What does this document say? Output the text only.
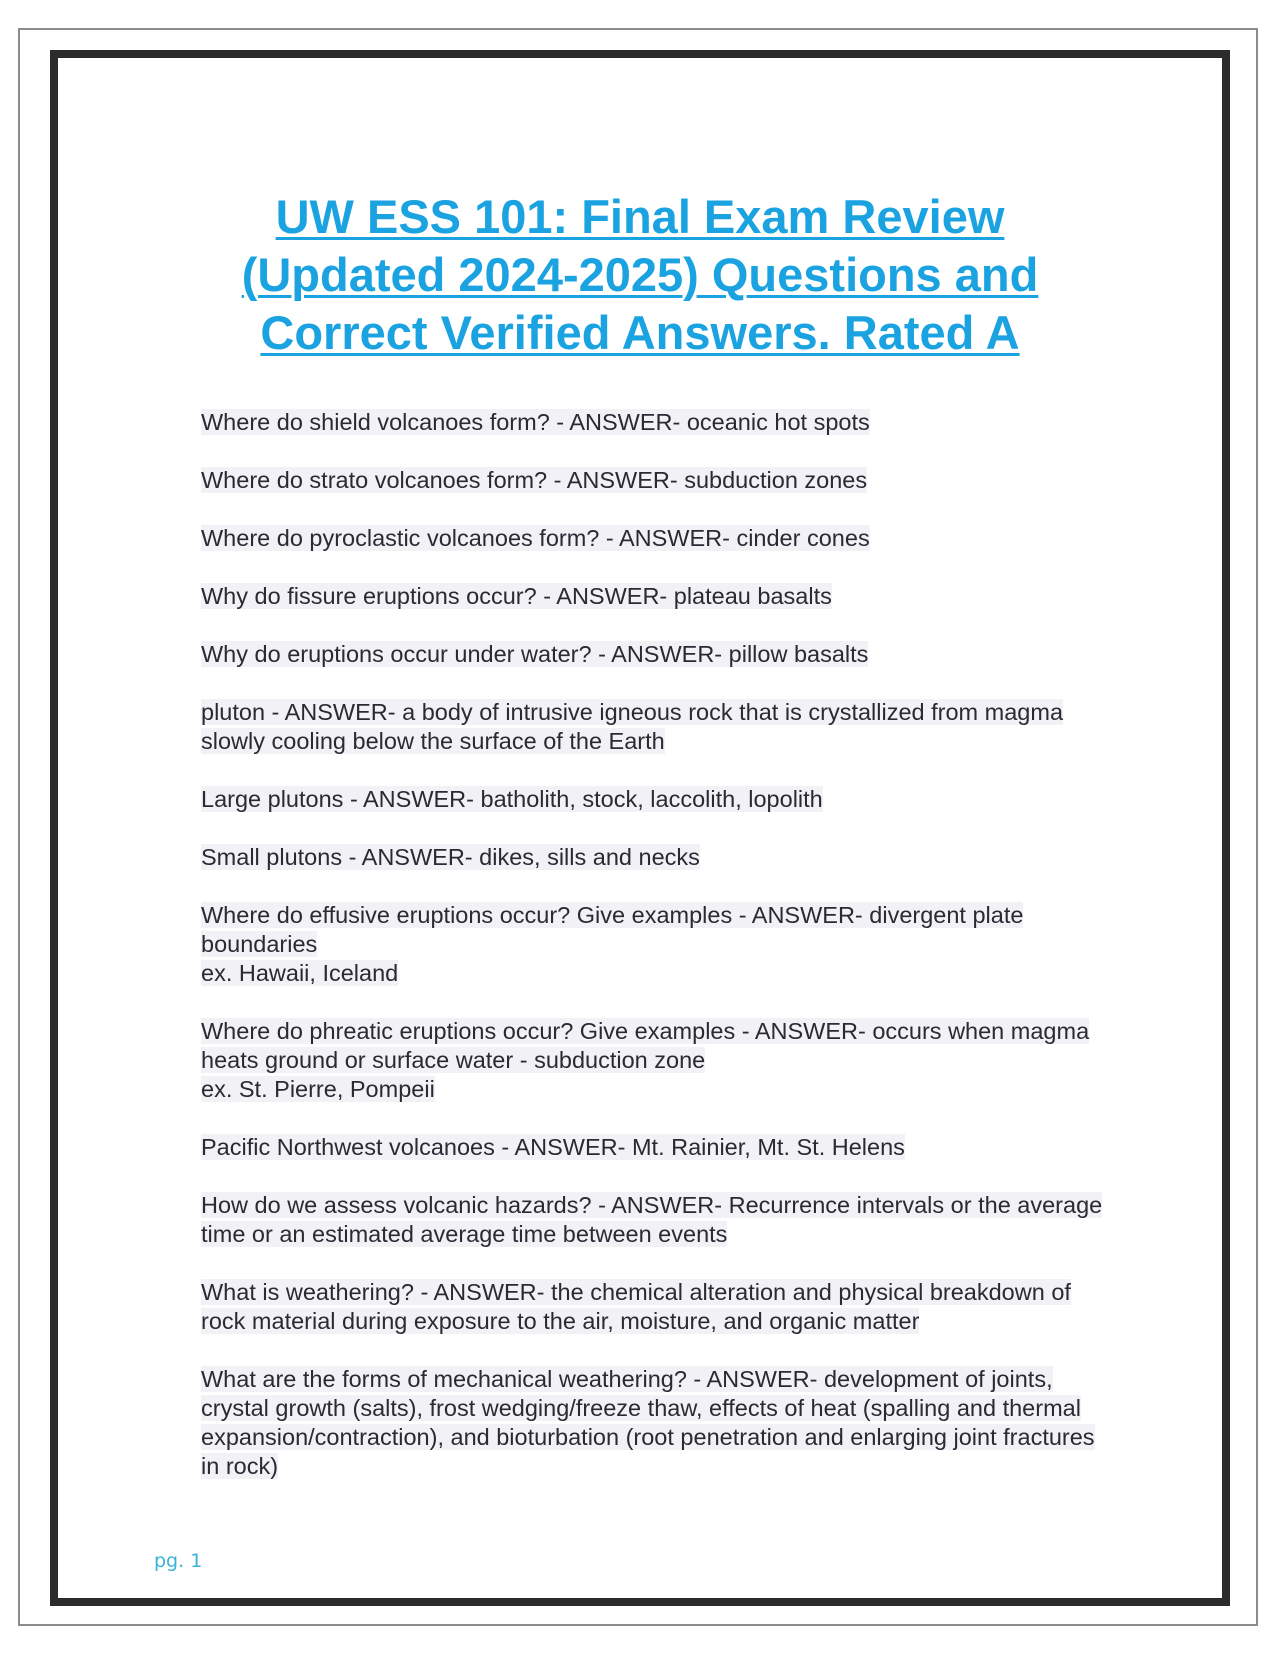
UW ESS 101: Final Exam Review
(Updated 2024-2025) Questions and
Correct Verified Answers. Rated A
Where do shield volcanoes form? - ANSWER- oceanic hot spots
Where do strato volcanoes form? - ANSWER- subduction zones
Where do pyroclastic volcanoes form? - ANSWER- cinder cones
Why do fissure eruptions occur? - ANSWER- plateau basalts
Why do eruptions occur under water? - ANSWER- pillow basalts
pluton - ANSWER- a body of intrusive igneous rock that is crystallized from magma
slowly cooling below the surface of the Earth
Large plutons - ANSWER- batholith, stock, laccolith, lopolith
Small plutons - ANSWER- dikes, sills and necks
Where do effusive eruptions occur? Give examples - ANSWER- divergent plate
boundaries
ex. Hawaii, Iceland
Where do phreatic eruptions occur? Give examples - ANSWER- occurs when magma
heats ground or surface water - subduction zone
ex. St. Pierre, Pompeii
Pacific Northwest volcanoes - ANSWER- Mt. Rainier, Mt. St. Helens
How do we assess volcanic hazards? - ANSWER- Recurrence intervals or the average
time or an estimated average time between events
What is weathering? - ANSWER- the chemical alteration and physical breakdown of
rock material during exposure to the air, moisture, and organic matter
What are the forms of mechanical weathering? - ANSWER- development of joints,
crystal growth (salts), frost wedging/freeze thaw, effects of heat (spalling and thermal
expansion/contraction), and bioturbation (root penetration and enlarging joint fractures
in rock)
pg. 1
